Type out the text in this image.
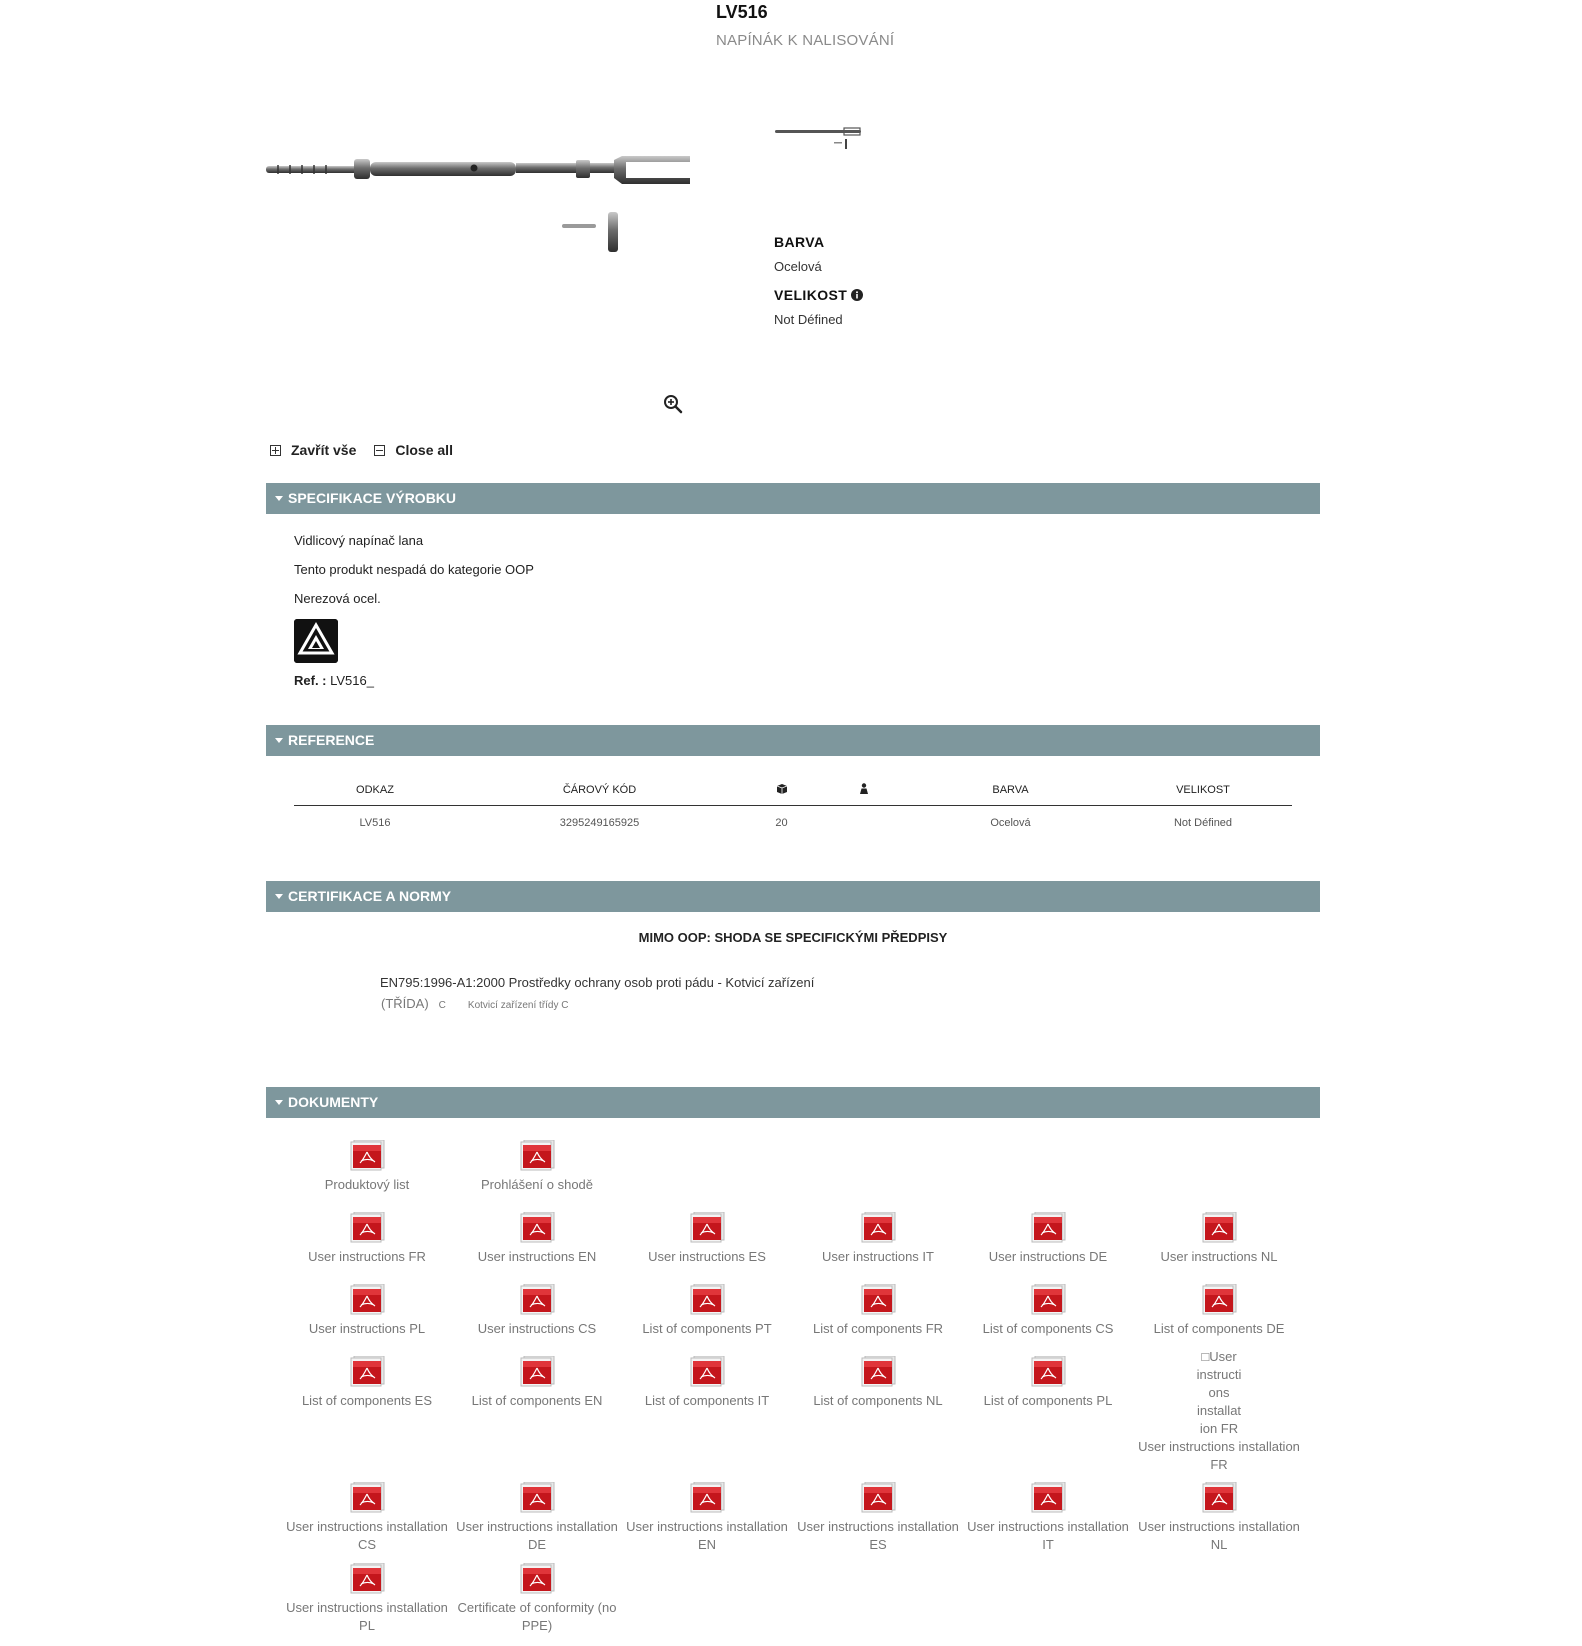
LV516
NAPÍNÁK K NALISOVÁNÍ
BARVA
Ocelová
VELIKOST
Not Défined
Zavřít vše	Close all
SPECIFIKACE VÝROBKU
Vidlicový napínač lana
Tento produkt nespadá do kategorie OOP
Nerezová ocel.
Ref. : LV516_
REFERENCE
ODKAZ	ČÁROVÝ KÓD			BARVA	VELIKOST
LV516	3295249165925	20		Ocelová	Not Défined
CERTIFIKACE A NORMY
MIMO OOP: SHODA SE SPECIFICKÝMI PŘEDPISY
EN795:1996-A1:2000 Prostředky ochrany osob proti pádu - Kotvicí zařízení
(TŘÍDA) C Kotvicí zařízení třídy C
DOKUMENTY
Produktový list	Prohlášení o shodě
User instructions FR	User instructions EN	User instructions ES	User instructions IT	User instructions DE	User instructions NL
User instructions PL	User instructions CS	List of components PT	List of components FR	List of components CS	List of components DE
List of components ES	List of components EN	List of components IT	List of components NL	List of components PL
□User
instructi
ons
installat
ion FR
User instructions installation FR
User instructions installation CS
User instructions installation DE
User instructions installation EN
User instructions installation ES
User instructions installation IT
User instructions installation NL
User instructions installation PL
Certificate of conformity (no PPE)
